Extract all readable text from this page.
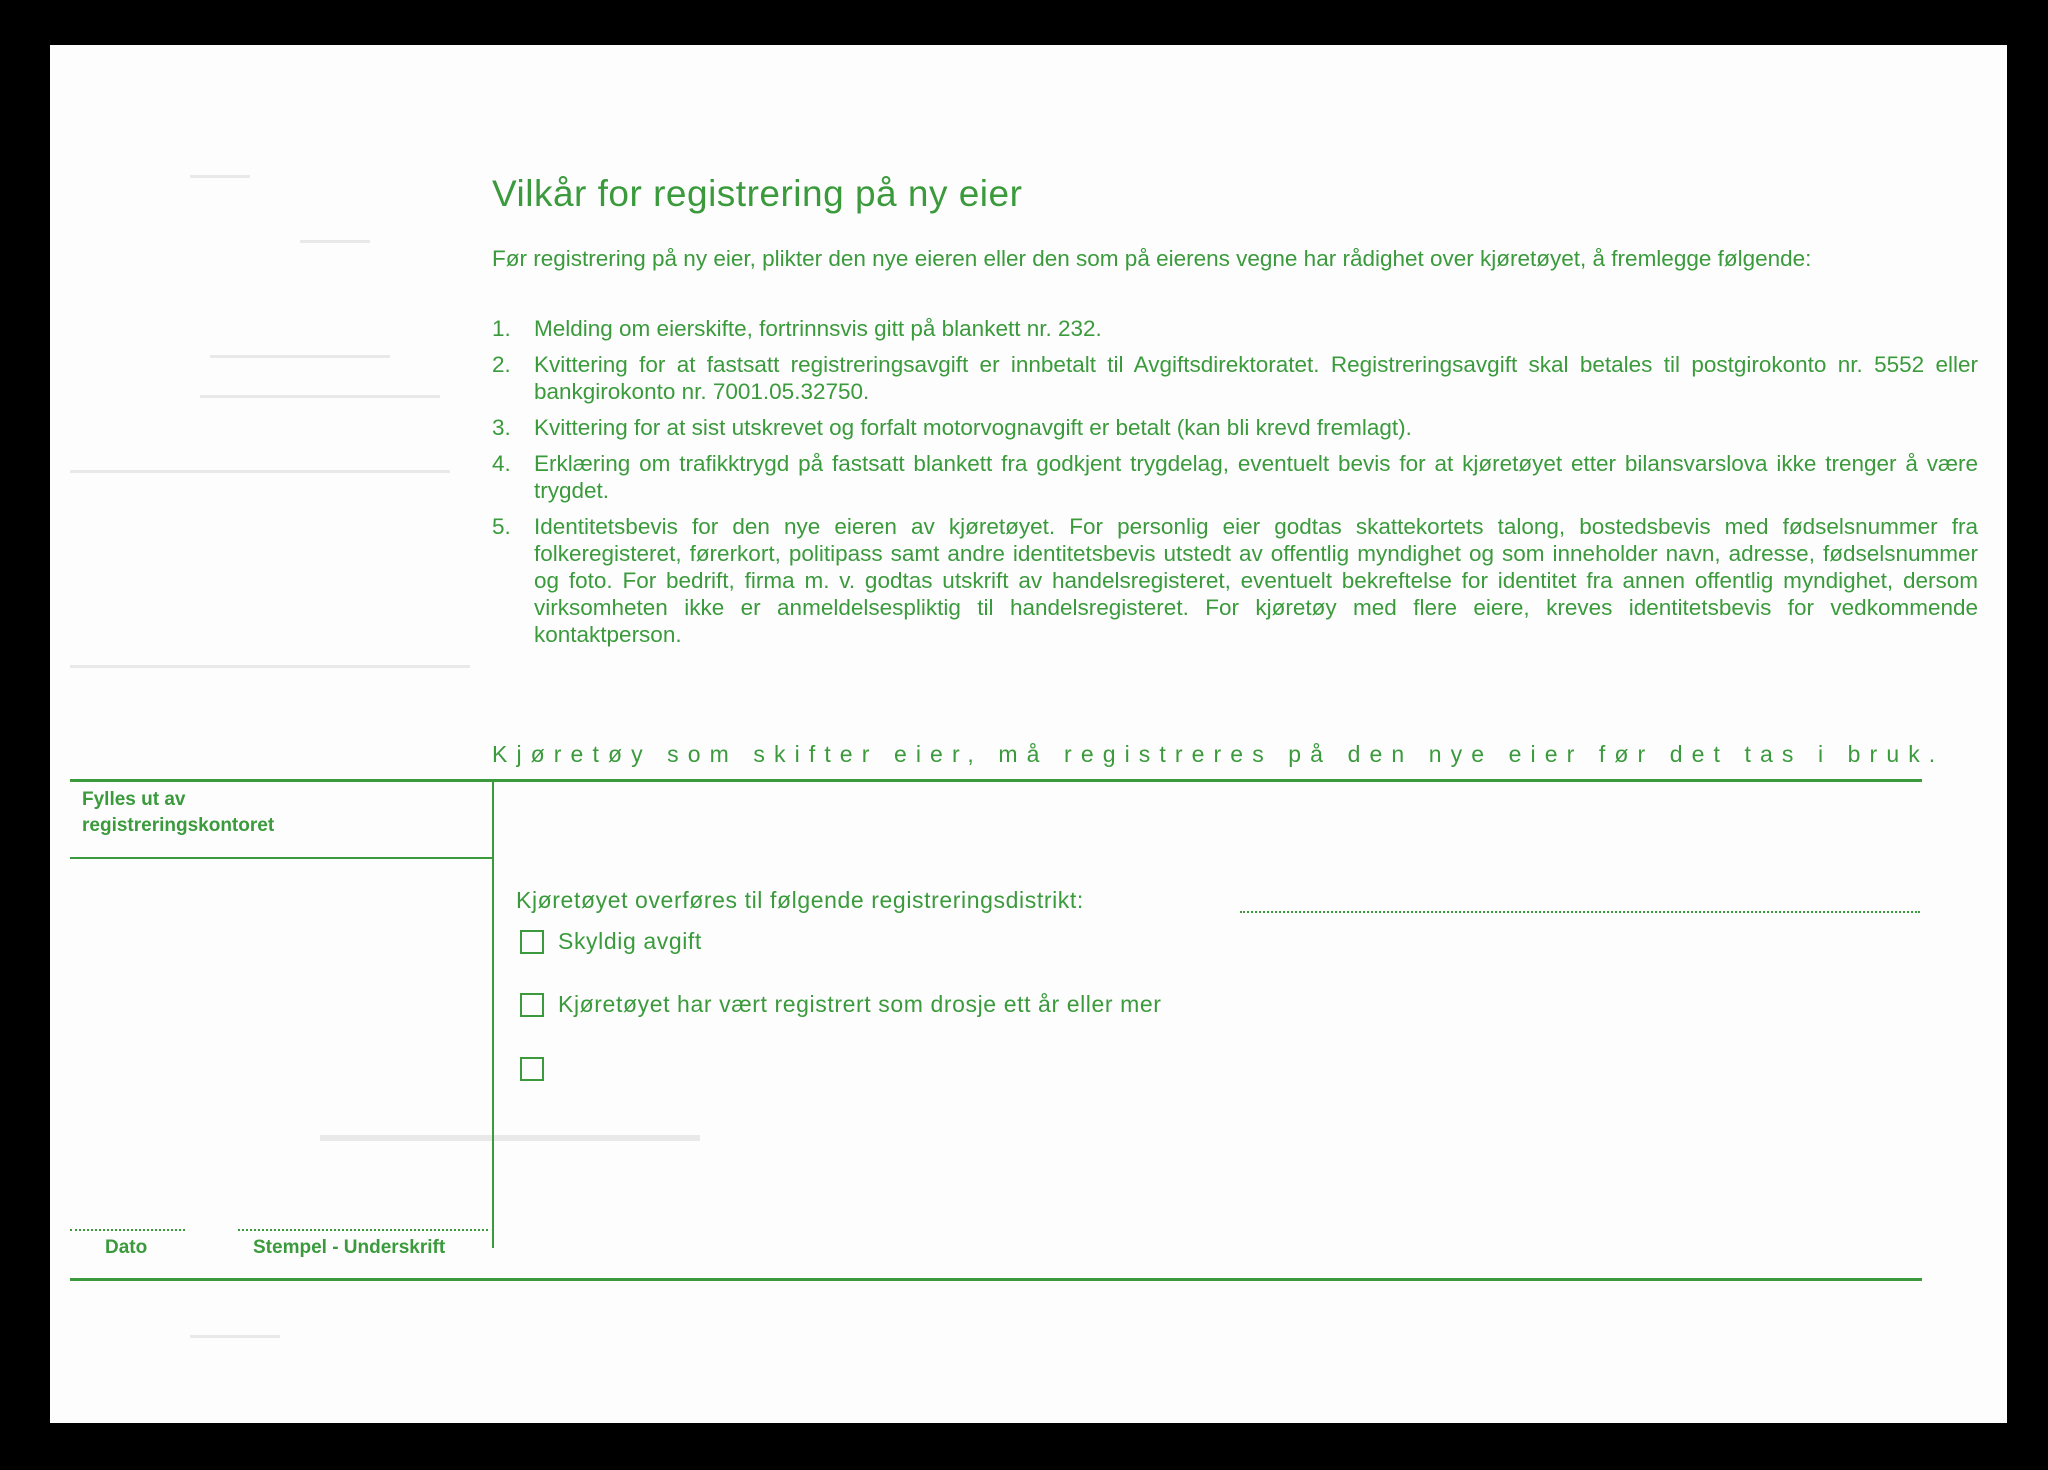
Vilkår for registrering på ny eier
Før registrering på ny eier, plikter den nye eieren eller den som på eierens vegne har rådighet over kjøretøyet, å fremlegge følgende:
1. Melding om eierskifte, fortrinnsvis gitt på blankett nr. 232.
2. Kvittering for at fastsatt registreringsavgift er innbetalt til Avgiftsdirektoratet. Registreringsavgift skal betales til postgirokonto nr. 5552 eller bankgirokonto nr. 7001.05.32750.
3. Kvittering for at sist utskrevet og forfalt motorvognavgift er betalt (kan bli krevd fremlagt).
4. Erklæring om trafikktrygd på fastsatt blankett fra godkjent trygdelag, eventuelt bevis for at kjøretøyet etter bilansvarslova ikke trenger å være trygdet.
5. Identitetsbevis for den nye eieren av kjøretøyet. For personlig eier godtas skattekortets talong, bostedsbevis med fødselsnummer fra folkeregisteret, førerkort, politipass samt andre identitetsbevis utstedt av offentlig myndighet og som inneholder navn, adresse, fødselsnummer og foto. For bedrift, firma m. v. godtas utskrift av handelsregisteret, eventuelt bekreftelse for identitet fra annen offentlig myndighet, dersom virksomheten ikke er anmeldelsespliktig til handelsregisteret. For kjøretøy med flere eiere, kreves identitetsbevis for vedkommende kontaktperson.
Kjøretøy som skifter eier, må registreres på den nye eier før det tas i bruk.
Fylles ut av
registreringskontoret
Dato	Stempel - Underskrift
Kjøretøyet overføres til følgende registreringsdistrikt:
Skyldig avgift
Kjøretøyet har vært registrert som drosje ett år eller mer
